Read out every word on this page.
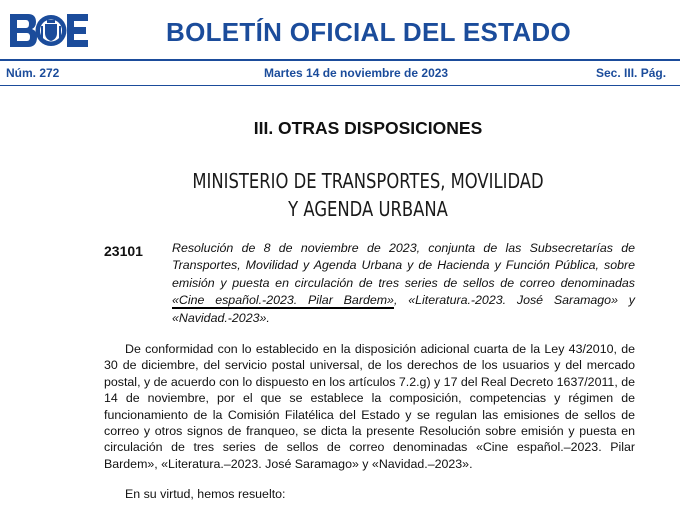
BOLETÍN OFICIAL DEL ESTADO
Núm. 272	Martes 14 de noviembre de 2023	Sec. III. Pág.
III. OTRAS DISPOSICIONES
MINISTERIO DE TRANSPORTES, MOVILIDAD
Y AGENDA URBANA
23101 Resolución de 8 de noviembre de 2023, conjunta de las Subsecretarías de Transportes, Movilidad y Agenda Urbana y de Hacienda y Función Pública, sobre emisión y puesta en circulación de tres series de sellos de correo denominadas «Cine español.-2023. Pilar Bardem», «Literatura.-2023. José Saramago» y «Navidad.-2023».
De conformidad con lo establecido en la disposición adicional cuarta de la Ley 43/2010, de 30 de diciembre, del servicio postal universal, de los derechos de los usuarios y del mercado postal, y de acuerdo con lo dispuesto en los artículos 7.2.g) y 17 del Real Decreto 1637/2011, de 14 de noviembre, por el que se establece la composición, competencias y régimen de funcionamiento de la Comisión Filatélica del Estado y se regulan las emisiones de sellos de correo y otros signos de franqueo, se dicta la presente Resolución sobre emisión y puesta en circulación de tres series de sellos de correo denominadas «Cine español.–2023. Pilar Bardem», «Literatura.–2023. José Saramago» y «Navidad.–2023».
En su virtud, hemos resuelto:
